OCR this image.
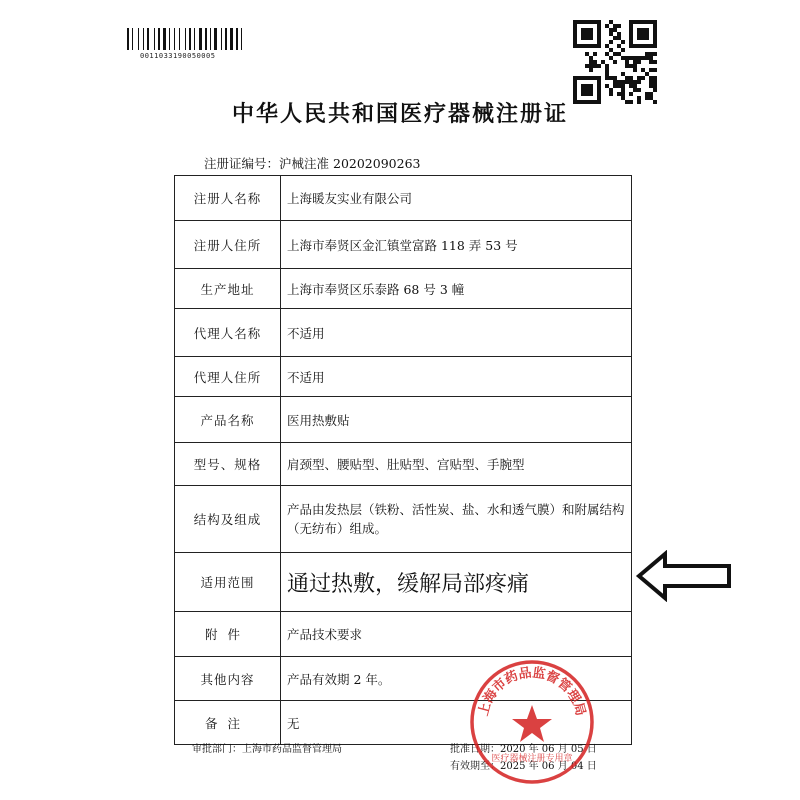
0011033190050005
中华人民共和国医疗器械注册证
注册证编号：沪械注准 20202090263
注册人名称	上海暖友实业有限公司
注册人住所	上海市奉贤区金汇镇堂富路 118 弄 53 号
生产地址	上海市奉贤区乐泰路 68 号 3 幢
代理人名称	不适用
代理人住所	不适用
产品名称	医用热敷贴
型号、规格	肩颈型、腰贴型、肚贴型、宫贴型、手腕型
结构及组成	产品由发热层（铁粉、活性炭、盐、水和透气膜）和附属结构（无纺布）组成。
适用范围	通过热敷，缓解局部疼痛
附件	产品技术要求
其他内容	产品有效期 2 年。
备注	无
审批部门：上海市药品监督管理局	批准日期：2020 年 06 月 05 日
有效期至：2025 年 06 月 04 日
上海市药品监督管理局
医疗器械注册专用章
